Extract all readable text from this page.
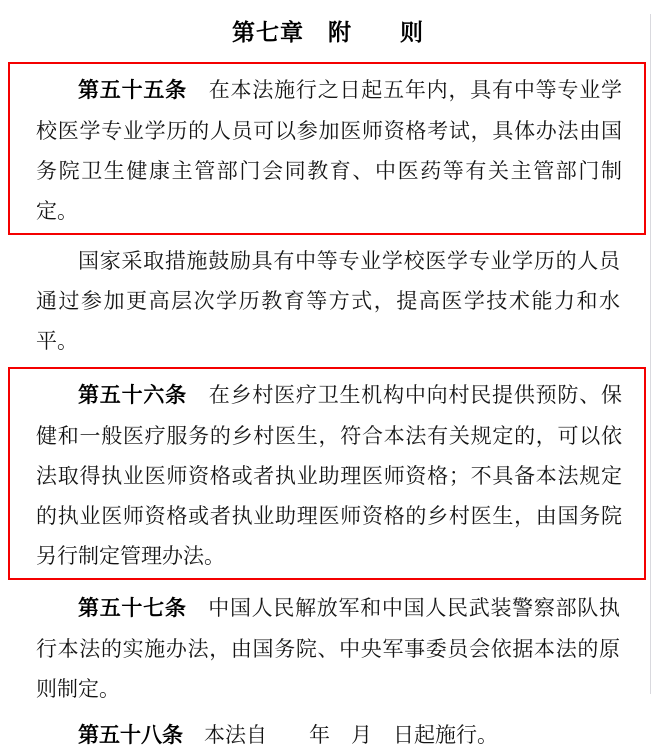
第七章　附　　则

第五十五条　 在本法施行之日起五年内，具有中等专业学校医学专业学历的人员可以参加医师资格考试，具体办法由国务院卫生健康主管部门会同教育、中医药等有关主管部门制定。

国家采取措施鼓励具有中等专业学校医学专业学历的人员通过参加更高层次学历教育等方式，提高医学技术能力和水平。

第五十六条　 在乡村医疗卫生机构中向村民提供预防、保健和一般医疗服务的乡村医生，符合本法有关规定的，可以依法取得执业医师资格或者执业助理医师资格；不具备本法规定的执业医师资格或者执业助理医师资格的乡村医生，由国务院另行制定管理办法。

第五十七条　 中国人民解放军和中国人民武装警察部队执行本法的实施办法，由国务院、中央军事委员会依据本法的原则制定。

第五十八条　 本法自　　年　月　日起施行。
